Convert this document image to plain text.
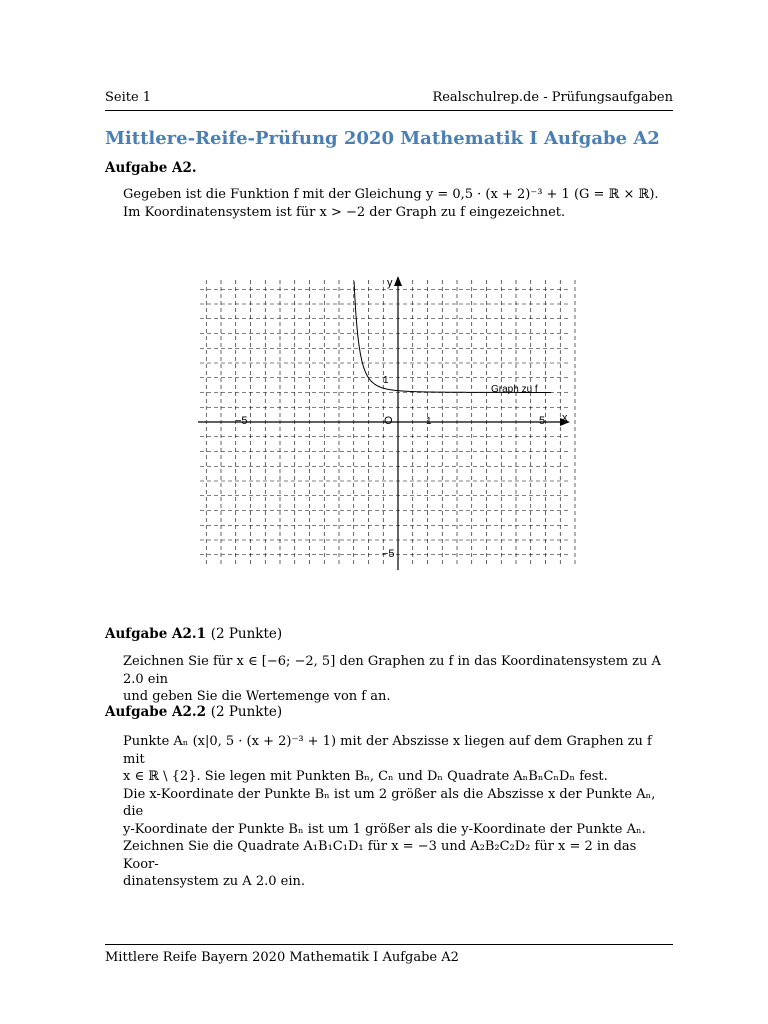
Seite 1	Realschulrep.de - Prüfungsaufgaben
Mittlere-Reife-Prüfung 2020 Mathematik I Aufgabe A2
Aufgabe A2.

Gegeben ist die Funktion f mit der Gleichung y = 0,5 · (x + 2)⁻³ + 1 (G = ℝ × ℝ).

Im Koordinatensystem ist für x > −2 der Graph zu f eingezeichnet.

y
x
O
−5	5
1
1
−5
Graph zu f
Aufgabe A2.1 (2 Punkte)

Zeichnen Sie für x ∈ [−6; −2, 5] den Graphen zu f in das Koordinatensystem zu A 2.0 ein

und geben Sie die Wertemenge von f an.

Aufgabe A2.2 (2 Punkte)

Punkte Aₙ (x|0, 5 · (x + 2)⁻³ + 1) mit der Abszisse x liegen auf dem Graphen zu f mit

x ∈ ℝ \ {2}. Sie legen mit Punkten Bₙ, Cₙ und Dₙ Quadrate AₙBₙCₙDₙ fest.

Die x-Koordinate der Punkte Bₙ ist um 2 größer als die Abszisse x der Punkte Aₙ, die

y-Koordinate der Punkte Bₙ ist um 1 größer als die y-Koordinate der Punkte Aₙ.

Zeichnen Sie die Quadrate A₁B₁C₁D₁ für x = −3 und A₂B₂C₂D₂ für x = 2 in das Koor-

dinatensystem zu A 2.0 ein.

Mittlere Reife Bayern 2020 Mathematik I Aufgabe A2
